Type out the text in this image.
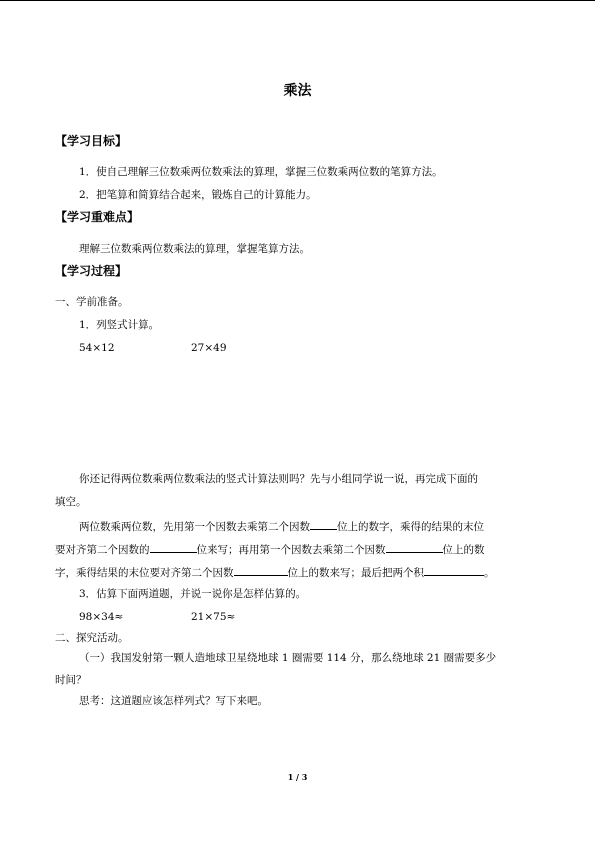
乘法
【学习目标】
1．使自己理解三位数乘两位数乘法的算理，掌握三位数乘两位数的笔算方法。
2．把笔算和简算结合起来，锻炼自己的计算能力。
【学习重难点】
理解三位数乘两位数乘法的算理，掌握笔算方法。
【学习过程】
一、学前准备。
1．列竖式计算。
54×12	27×49
你还记得两位数乘两位数乘法的竖式计算法则吗？先与小组同学说一说，再完成下面的
填空。
两位数乘两位数，先用第一个因数去乘第二个因数	位上的数字，乘得的结果的末位
要对齐第二个因数的	位来写；再用第一个因数去乘第二个因数	位上的数
字，乘得结果的末位要对齐第二个因数	位上的数来写；最后把两个积	。
3．估算下面两道题，并说一说你是怎样估算的。
98×34≈	21×75≈
二、探究活动。
（一）我国发射第一颗人造地球卫星绕地球 1 圈需要 114 分，那么绕地球 21 圈需要多少
时间？
思考：这道题应该怎样列式？写下来吧。
1 / 3
